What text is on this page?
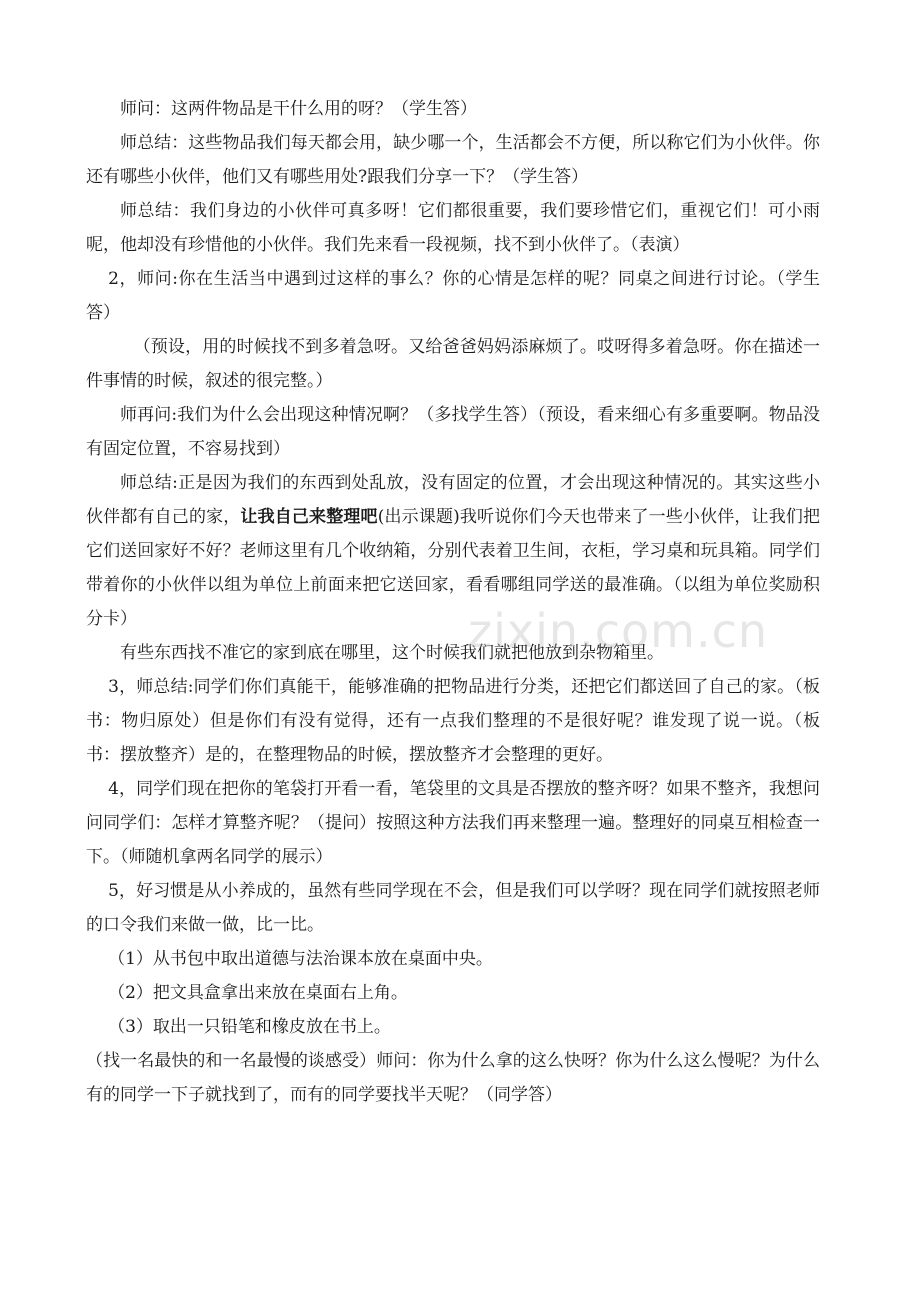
师问：这两件物品是干什么用的呀？（学生答）

师总结：这些物品我们每天都会用，缺少哪一个，生活都会不方便，所以称它们为小伙伴。你还有哪些小伙伴，他们又有哪些用处?跟我们分享一下？（学生答）

师总结：我们身边的小伙伴可真多呀！它们都很重要，我们要珍惜它们，重视它们！可小雨呢，他却没有珍惜他的小伙伴。我们先来看一段视频，找不到小伙伴了。（表演）

2，师问:你在生活当中遇到过这样的事么？你的心情是怎样的呢？同桌之间进行讨论。（学生答）

（预设，用的时候找不到多着急呀。又给爸爸妈妈添麻烦了。哎呀得多着急呀。你在描述一件事情的时候，叙述的很完整。）

师再问:我们为什么会出现这种情况啊？（多找学生答）（预设，看来细心有多重要啊。物品没有固定位置，不容易找到）

师总结:正是因为我们的东西到处乱放，没有固定的位置，才会出现这种情况的。其实这些小伙伴都有自己的家，让我自己来整理吧(出示课题)我听说你们今天也带来了一些小伙伴，让我们把它们送回家好不好？老师这里有几个收纳箱，分别代表着卫生间，衣柜，学习桌和玩具箱。同学们带着你的小伙伴以组为单位上前面来把它送回家，看看哪组同学送的最准确。（以组为单位奖励积分卡）

有些东西找不准它的家到底在哪里，这个时候我们就把他放到杂物箱里。

3，师总结:同学们你们真能干，能够准确的把物品进行分类，还把它们都送回了自己的家。（板书：物归原处）但是你们有没有觉得，还有一点我们整理的不是很好呢？谁发现了说一说。（板书：摆放整齐）是的，在整理物品的时候，摆放整齐才会整理的更好。

4，同学们现在把你的笔袋打开看一看，笔袋里的文具是否摆放的整齐呀？如果不整齐，我想问问同学们：怎样才算整齐呢？（提问）按照这种方法我们再来整理一遍。整理好的同桌互相检查一下。（师随机拿两名同学的展示）

5，好习惯是从小养成的，虽然有些同学现在不会，但是我们可以学呀？现在同学们就按照老师的口令我们来做一做，比一比。

（1）从书包中取出道德与法治课本放在桌面中央。

（2）把文具盒拿出来放在桌面右上角。

（3）取出一只铅笔和橡皮放在书上。

（找一名最快的和一名最慢的谈感受）师问：你为什么拿的这么快呀？你为什么这么慢呢？为什么有的同学一下子就找到了，而有的同学要找半天呢？（同学答）

zixin.com.cn
